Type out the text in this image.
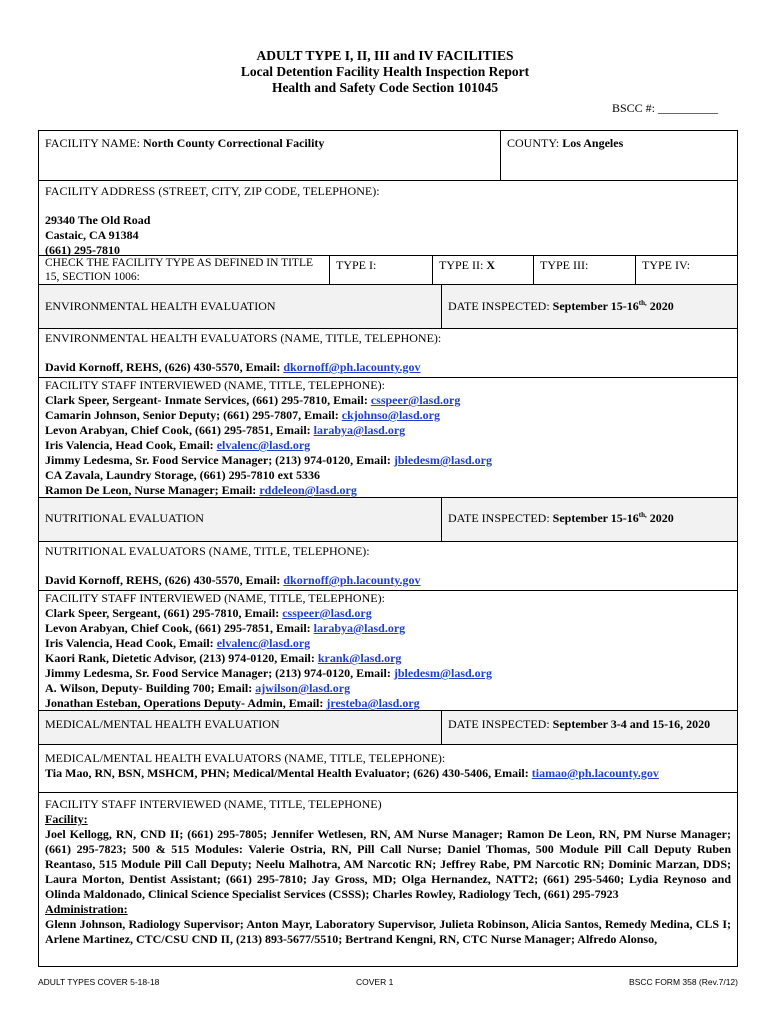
ADULT TYPE I, II, III and IV FACILITIES
Local Detention Facility Health Inspection Report
Health and Safety Code Section 101045
BSCC #: __________
FACILITY NAME: North County Correctional Facility	COUNTY: Los Angeles
FACILITY ADDRESS (STREET, CITY, ZIP CODE, TELEPHONE):
29340 The Old Road
Castaic, CA 91384
(661) 295-7810
CHECK THE FACILITY TYPE AS DEFINED IN TITLE 15, SECTION 1006:
TYPE I:	TYPE II: X	TYPE III:	TYPE IV:
ENVIRONMENTAL HEALTH EVALUATION	DATE INSPECTED: September $15-16^{th,}$ 2020
ENVIRONMENTAL HEALTH EVALUATORS (NAME, TITLE, TELEPHONE):
David Kornoff, REHS, (626) 430-5570, Email: dkornoff@ph.lacounty.gov
FACILITY STAFF INTERVIEWED (NAME, TITLE, TELEPHONE):
Clark Speer, Sergeant- Inmate Services, (661) 295-7810, Email: csspeer@lasd.org
Camarin Johnson, Senior Deputy; (661) 295-7807, Email: ckjohnso@lasd.org
Levon Arabyan, Chief Cook, (661) 295-7851, Email: larabya@lasd.org
Iris Valencia, Head Cook, Email: elvalenc@lasd.org
Jimmy Ledesma, Sr. Food Service Manager; (213) 974-0120, Email: jbledesm@lasd.org
CA Zavala, Laundry Storage, (661) 295-7810 ext 5336
Ramon De Leon, Nurse Manager; Email: rddeleon@lasd.org
NUTRITIONAL EVALUATION	DATE INSPECTED: September $15-16^{th,}$ 2020
NUTRITIONAL EVALUATORS (NAME, TITLE, TELEPHONE):
David Kornoff, REHS, (626) 430-5570, Email: dkornoff@ph.lacounty.gov
FACILITY STAFF INTERVIEWED (NAME, TITLE, TELEPHONE):
Clark Speer, Sergeant, (661) 295-7810, Email: csspeer@lasd.org
Levon Arabyan, Chief Cook, (661) 295-7851, Email: larabya@lasd.org
Iris Valencia, Head Cook, Email: elvalenc@lasd.org
Kaori Rank, Dietetic Advisor, (213) 974-0120, Email: krank@lasd.org
Jimmy Ledesma, Sr. Food Service Manager; (213) 974-0120, Email: jbledesm@lasd.org
A. Wilson, Deputy- Building 700; Email: ajwilson@lasd.org
Jonathan Esteban, Operations Deputy- Admin, Email: jresteba@lasd.org
MEDICAL/MENTAL HEALTH EVALUATION	DATE INSPECTED: September 3-4 and 15-16, 2020
MEDICAL/MENTAL HEALTH EVALUATORS (NAME, TITLE, TELEPHONE):
Tia Mao, RN, BSN, MSHCM, PHN; Medical/Mental Health Evaluator; (626) 430-5406, Email: tiamao@ph.lacounty.gov
FACILITY STAFF INTERVIEWED (NAME, TITLE, TELEPHONE)
Facility:
Joel Kellogg, RN, CND II; (661) 295-7805; Jennifer Wetlesen, RN, AM Nurse Manager; Ramon De Leon, RN, PM Nurse Manager; (661) 295-7823; 500 & 515 Modules: Valerie Ostria, RN, Pill Call Nurse; Daniel Thomas, 500 Module Pill Call Deputy Ruben Reantaso, 515 Module Pill Call Deputy; Neelu Malhotra, AM Narcotic RN; Jeffrey Rabe, PM Narcotic RN; Dominic Marzan, DDS; Laura Morton, Dentist Assistant; (661) 295-7810; Jay Gross, MD; Olga Hernandez, NATT2; (661) 295-5460; Lydia Reynoso and Olinda Maldonado, Clinical Science Specialist Services (CSSS); Charles Rowley, Radiology Tech, (661) 295-7923
Administration:
Glenn Johnson, Radiology Supervisor; Anton Mayr, Laboratory Supervisor, Julieta Robinson, Alicia Santos, Remedy Medina, CLS I; Arlene Martinez, CTC/CSU CND II, (213) 893-5677/5510; Bertrand Kengni, RN, CTC Nurse Manager; Alfredo Alonso,
ADULT TYPES COVER 5-18-18	COVER 1	BSCC FORM 358 (Rev.7/12)
